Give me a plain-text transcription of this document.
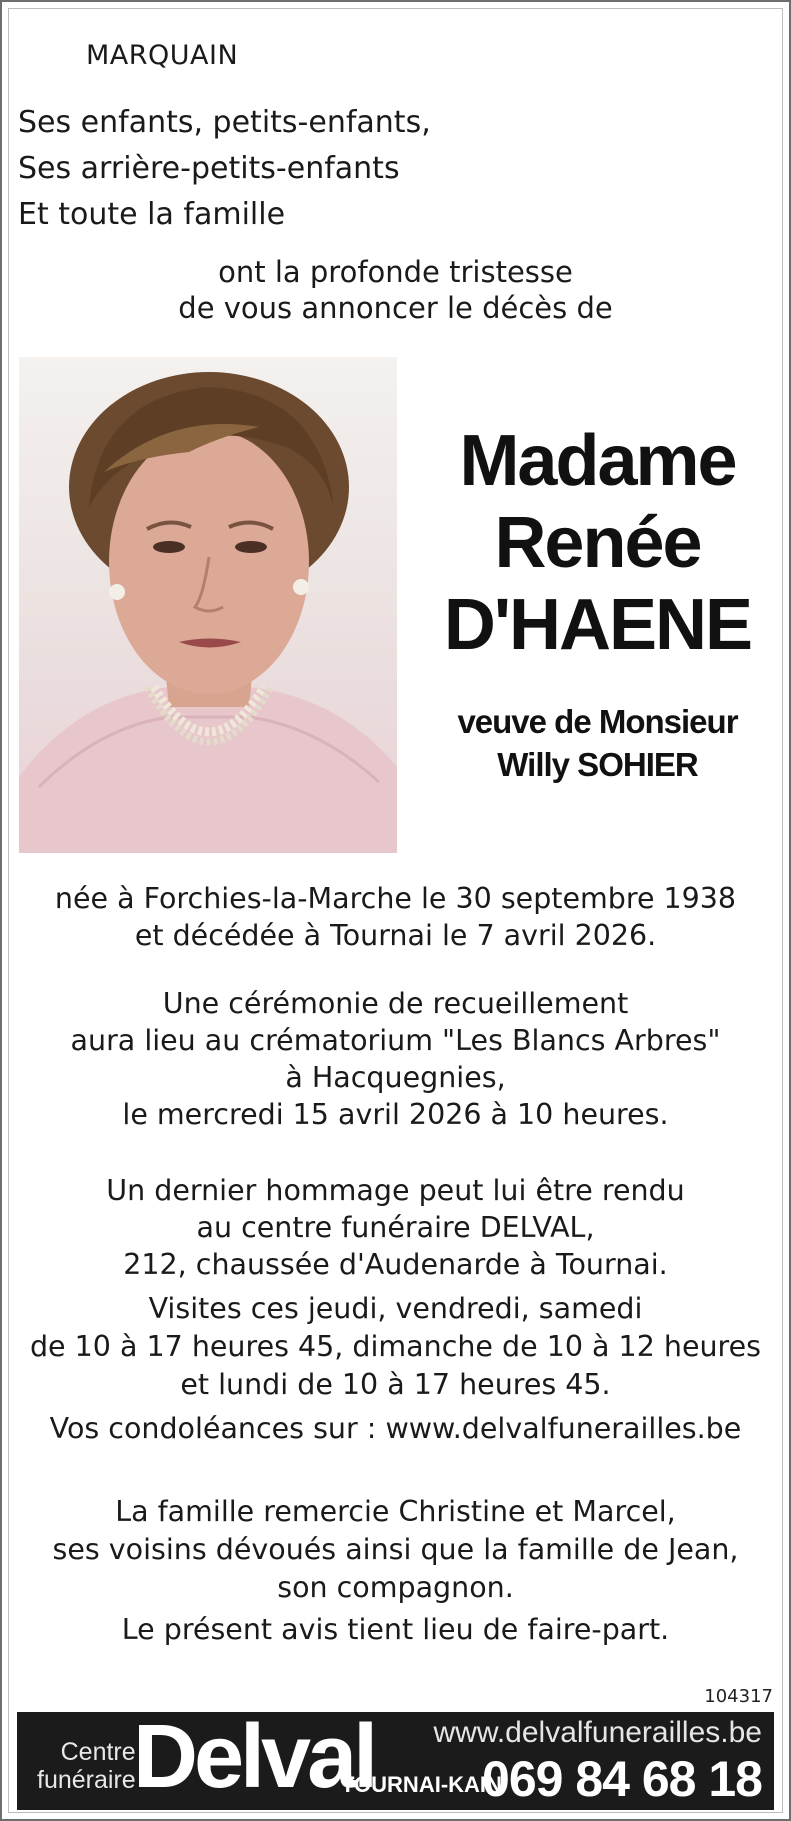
MARQUAIN
Ses enfants, petits-enfants,
Ses arrière-petits-enfants
Et toute la famille
ont la profonde tristesse
de vous annoncer le décès de
Madame
Renée
D'HAENE
veuve de Monsieur
Willy SOHIER
née à Forchies-la-Marche le 30 septembre 1938
et décédée à Tournai le 7 avril 2026.
Une cérémonie de recueillement
aura lieu au crématorium "Les Blancs Arbres"
à Hacquegnies,
le mercredi 15 avril 2026 à 10 heures.
Un dernier hommage peut lui être rendu
au centre funéraire DELVAL,
212, chaussée d'Audenarde à Tournai.
Visites ces jeudi, vendredi, samedi
de 10 à 17 heures 45, dimanche de 10 à 12 heures
et lundi de 10 à 17 heures 45.
Vos condoléances sur : www.delvalfunerailles.be
La famille remercie Christine et Marcel,
ses voisins dévoués ainsi que la famille de Jean,
son compagnon.
Le présent avis tient lieu de faire-part.
104317
Centre
funéraire
Delval www.delvalfunerailles.be
TOURNAI-KAIN
069 84 68 18
